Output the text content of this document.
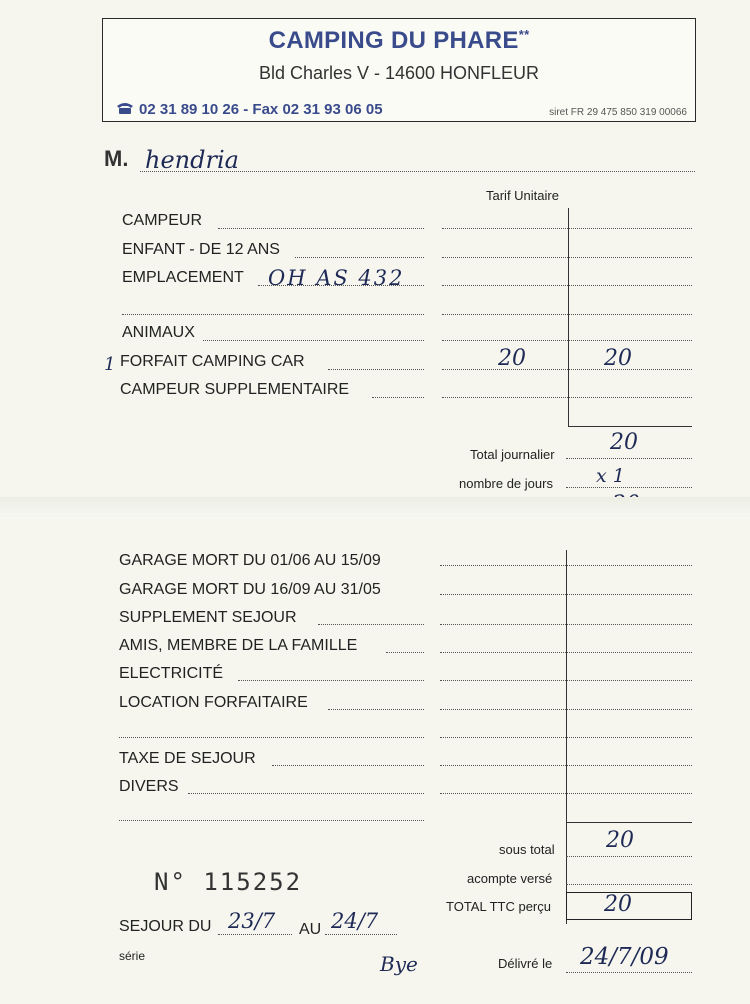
CAMPING DU PHARE**
Bld Charles V - 14600 HONFLEUR
02 31 89 10 26 - Fax 02 31 93 06 05	siret FR 29 475 850 319 00066
M. hendria
Tarif Unitaire
CAMPEUR
ENFANT - DE 12 ANS
EMPLACEMENT OH AS 432
ANIMAUX
1 FORFAIT CAMPING CAR	20	20
CAMPEUR SUPPLEMENTAIRE
Total journalier	20
nombre de jours x 1
GARAGE MORT DU 01/06 AU 15/09
GARAGE MORT DU 16/09 AU 31/05
SUPPLEMENT SEJOUR
AMIS, MEMBRE DE LA FAMILLE
ELECTRICITÉ
LOCATION FORFAITAIRE
TAXE DE SEJOUR
DIVERS
sous total 20
acompte versé
TOTAL TTC perçu 20
N° 115252
SEJOUR DU 23/7 AU 24/7
série	Bye	Délivré le 24/7/09
